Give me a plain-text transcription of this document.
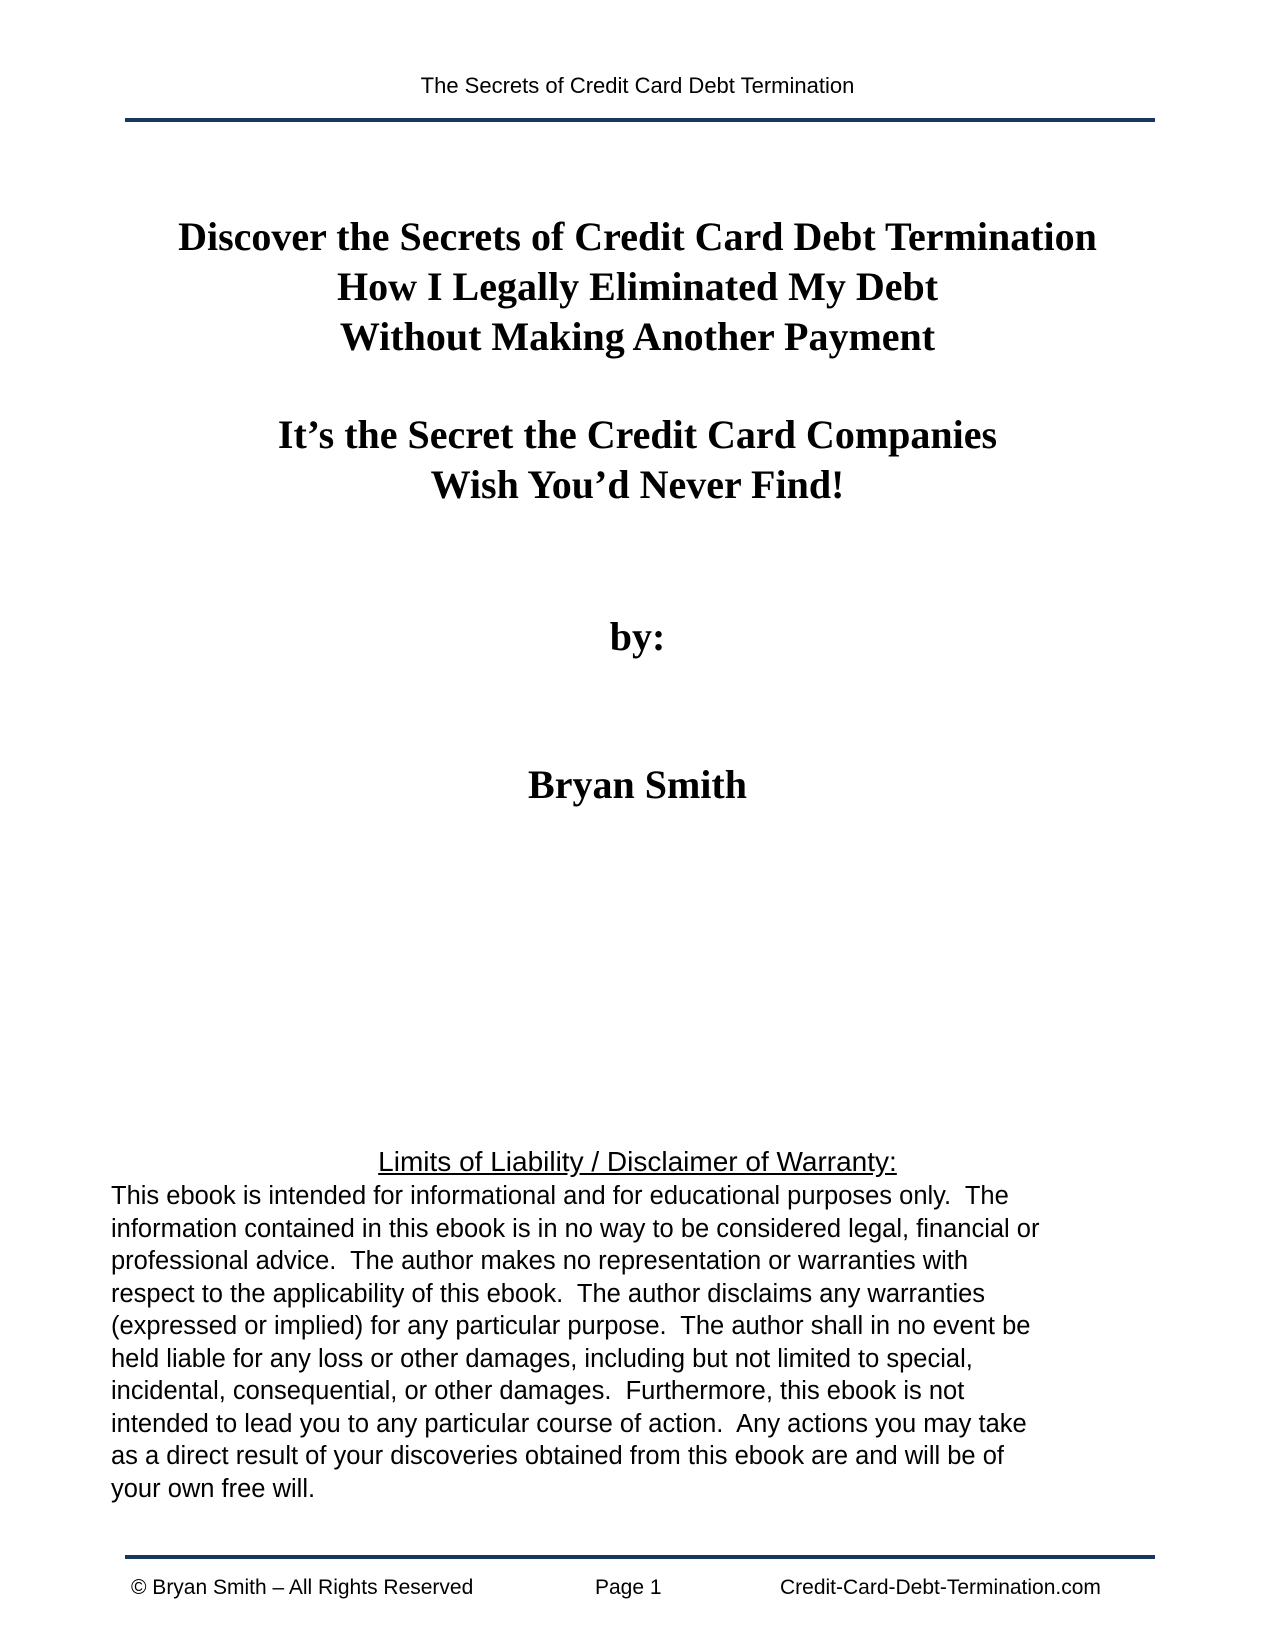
The Secrets of Credit Card Debt Termination
Discover the Secrets of Credit Card Debt Termination
How I Legally Eliminated My Debt
Without Making Another Payment
It’s the Secret the Credit Card Companies
Wish You’d Never Find!
by:
Bryan Smith
Limits of Liability / Disclaimer of Warranty:
This ebook is intended for informational and for educational purposes only.  The
information contained in this ebook is in no way to be considered legal, financial or
professional advice.  The author makes no representation or warranties with
respect to the applicability of this ebook.  The author disclaims any warranties
(expressed or implied) for any particular purpose.  The author shall in no event be
held liable for any loss or other damages, including but not limited to special,
incidental, consequential, or other damages.  Furthermore, this ebook is not
intended to lead you to any particular course of action.  Any actions you may take
as a direct result of your discoveries obtained from this ebook are and will be of
your own free will.
© Bryan Smith – All Rights Reserved	Page 1	Credit-Card-Debt-Termination.com
